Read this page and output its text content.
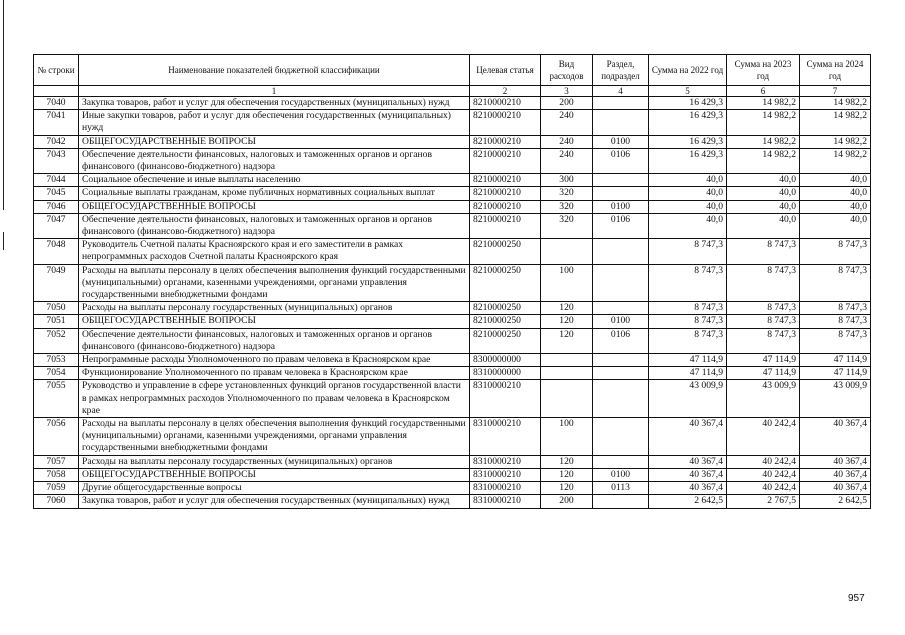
№ строки	Наименование показателей бюджетной классификации	Целевая статья	Вид расходов	Раздел, подраздел	Сумма на 2022 год	Сумма на 2023 год	Сумма на 2024 год
	1	2	3	4	5	6	7
7040	Закупка товаров, работ и услуг для обеспечения государственных (муниципальных) нужд	8210000210	200		16 429,3	14 982,2	14 982,2
7041	Иные закупки товаров, работ и услуг для обеспечения государственных (муниципальных) нужд	8210000210	240		16 429,3	14 982,2	14 982,2
7042	ОБЩЕГОСУДАРСТВЕННЫЕ ВОПРОСЫ	8210000210	240	0100	16 429,3	14 982,2	14 982,2
7043	Обеспечение деятельности финансовых, налоговых и таможенных органов и органов финансового (финансово-бюджетного) надзора	8210000210	240	0106	16 429,3	14 982,2	14 982,2
7044	Социальное обеспечение и иные выплаты населению	8210000210	300		40,0	40,0	40,0
7045	Социальные выплаты гражданам, кроме публичных нормативных социальных выплат	8210000210	320		40,0	40,0	40,0
7046	ОБЩЕГОСУДАРСТВЕННЫЕ ВОПРОСЫ	8210000210	320	0100	40,0	40,0	40,0
7047	Обеспечение деятельности финансовых, налоговых и таможенных органов и органов финансового (финансово-бюджетного) надзора	8210000210	320	0106	40,0	40,0	40,0
7048	Руководитель Счетной палаты Красноярского края и его заместители в рамках непрограммных расходов Счетной палаты Красноярского края	8210000250			8 747,3	8 747,3	8 747,3
7049	Расходы на выплаты персоналу в целях обеспечения выполнения функций государственными (муниципальными) органами, казенными учреждениями, органами управления государственными внебюджетными фондами	8210000250	100		8 747,3	8 747,3	8 747,3
7050	Расходы на выплаты персоналу государственных (муниципальных) органов	8210000250	120		8 747,3	8 747,3	8 747,3
7051	ОБЩЕГОСУДАРСТВЕННЫЕ ВОПРОСЫ	8210000250	120	0100	8 747,3	8 747,3	8 747,3
7052	Обеспечение деятельности финансовых, налоговых и таможенных органов и органов финансового (финансово-бюджетного) надзора	8210000250	120	0106	8 747,3	8 747,3	8 747,3
7053	Непрограммные расходы Уполномоченного по правам человека в Красноярском крае	8300000000			47 114,9	47 114,9	47 114,9
7054	Функционирование Уполномоченного по правам человека в Красноярском крае	8310000000			47 114,9	47 114,9	47 114,9
7055	Руководство и управление в сфере установленных функций органов государственной власти в рамках непрограммных расходов Уполномоченного по правам человека в Красноярском крае	8310000210			43 009,9	43 009,9	43 009,9
7056	Расходы на выплаты персоналу в целях обеспечения выполнения функций государственными (муниципальными) органами, казенными учреждениями, органами управления государственными внебюджетными фондами	8310000210	100		40 367,4	40 242,4	40 367,4
7057	Расходы на выплаты персоналу государственных (муниципальных) органов	8310000210	120		40 367,4	40 242,4	40 367,4
7058	ОБЩЕГОСУДАРСТВЕННЫЕ ВОПРОСЫ	8310000210	120	0100	40 367,4	40 242,4	40 367,4
7059	Другие общегосударственные вопросы	8310000210	120	0113	40 367,4	40 242,4	40 367,4
7060	Закупка товаров, работ и услуг для обеспечения государственных (муниципальных) нужд	8310000210	200		2 642,5	2 767,5	2 642,5
957
